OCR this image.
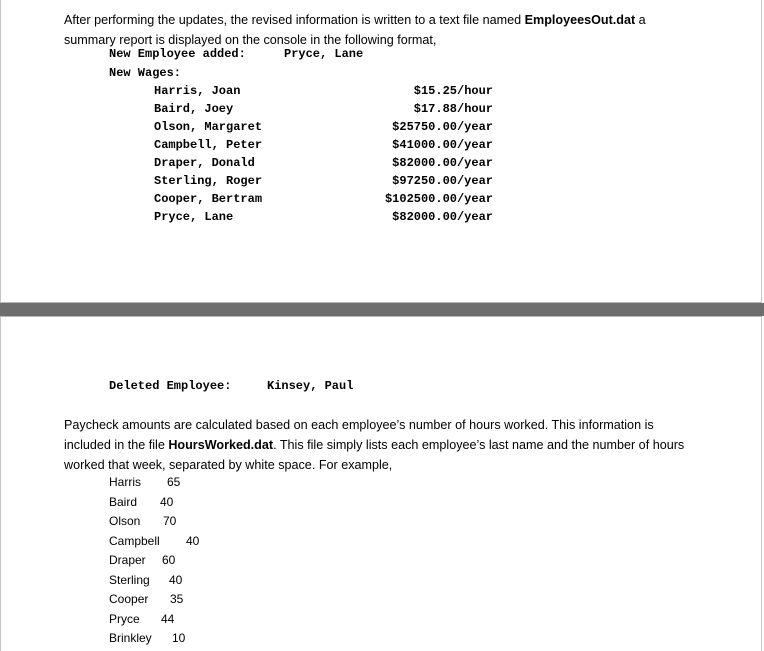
After performing the updates, the revised information is written to a text file named EmployeesOut.dat a
summary report is displayed on the console in the following format,

New Employee added:	Pryce, Lane
New Wages:
Harris, Joan	$15.25/hour
Baird, Joey	$17.88/hour
Olson, Margaret	$25750.00/year
Campbell, Peter	$41000.00/year
Draper, Donald	$82000.00/year
Sterling, Roger	$97250.00/year
Cooper, Bertram	$102500.00/year
Pryce, Lane	$82000.00/year
Deleted Employee:	Kinsey, Paul

Paycheck amounts are calculated based on each employee’s number of hours worked. This information is
included in the file HoursWorked.dat. This file simply lists each employee’s last name and the number of hours
worked that week, separated by white space. For example,

Harris 65
Baird 40
Olson 70
Campbell 40
Draper 60
Sterling 40
Cooper 35
Pryce 44
Brinkley 10
